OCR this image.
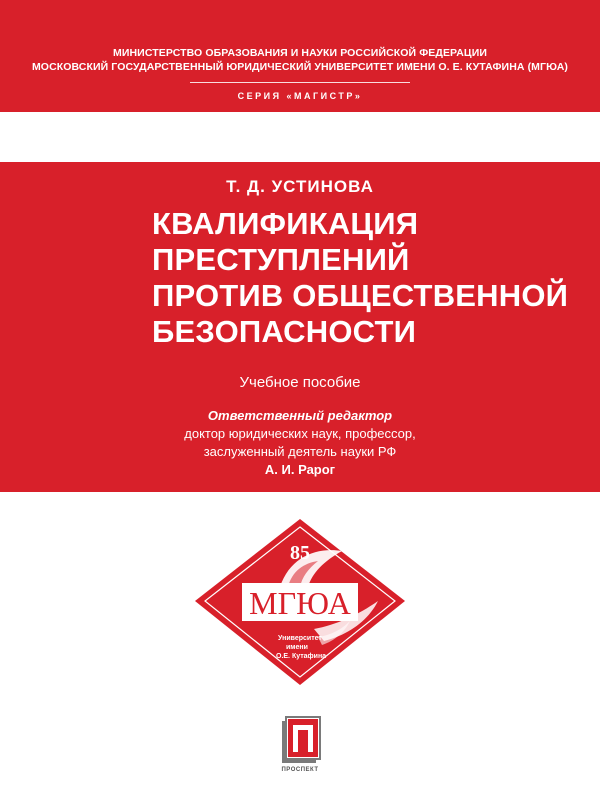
МИНИСТЕРСТВО ОБРАЗОВАНИЯ И НАУКИ РОССИЙСКОЙ ФЕДЕРАЦИИ
МОСКОВСКИЙ ГОСУДАРСТВЕННЫЙ ЮРИДИЧЕСКИЙ УНИВЕРСИТЕТ ИМЕНИ О. Е. КУТАФИНА (МГЮА)
СЕРИЯ «МАГИСТР»
Т. Д. УСТИНОВА
КВАЛИФИКАЦИЯ
ПРЕСТУПЛЕНИЙ
ПРОТИВ ОБЩЕСТВЕННОЙ
БЕЗОПАСНОСТИ
Учебное пособие
Ответственный редактор
доктор юридических наук, профессор,
заслуженный деятель науки РФ
А. И. Рарог
85
МГЮА
Университет
имени
О.Е. Кутафина
ПРОСПЕКТ
